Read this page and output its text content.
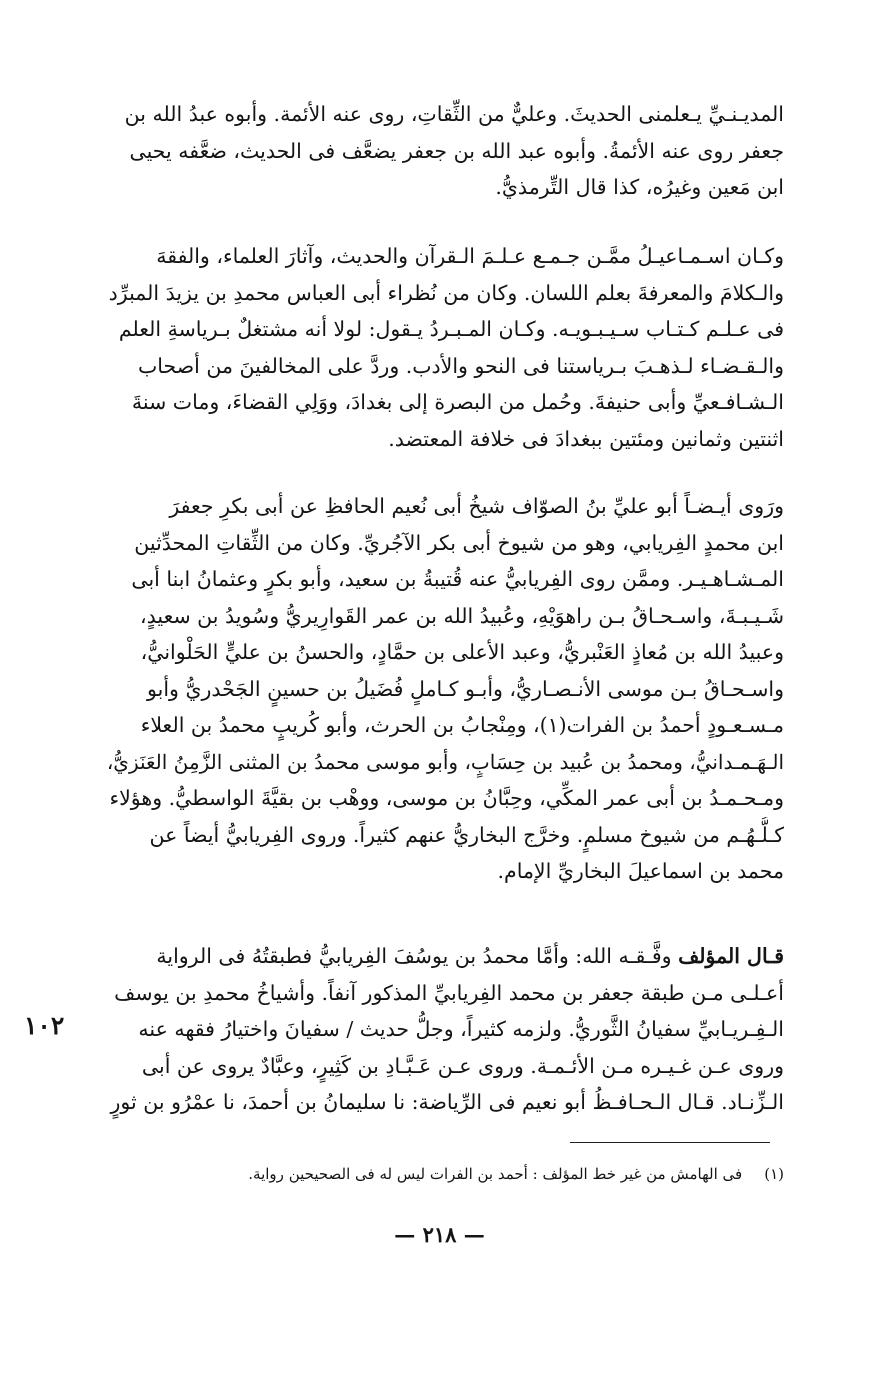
المديـنـيِّ يـعلمنى الحديثَ. وعليٌّ من الثِّقاتِ، روى عنه الأئمة. وأبوه عبدُ الله بن
جعفر روى عنه الأئمةُ. وأبوه عبد الله بن جعفر يضعَّف فى الحديث، ضعَّفه يحيى
ابن مَعين وغيرُه، كذا قال التِّرمذيُّ.
وكـان اسـمـاعيـلُ ممَّـن جـمـع عـلـمَ الـقرآن والحديث، وآثارَ العلماء، والفقهَ
والـكلامَ والمعرفةَ بعلم اللسان. وكان من نُظراء أبى العباس محمدِ بن يزيدَ المبرِّد
فى عـلـم كـتـاب سـيـبـويـه. وكـان المـبـردُ يـقول: لولا أنه مشتغلٌ بـرياسةِ العلم
والـقـضـاء لـذهـبَ بـرياستنا فى النحو والأدب. وردَّ على المخالفينَ من أصحاب
الـشـافـعيِّ وأبى حنيفةَ. وحُمل من البصرة إلى بغدادَ، ووَلِي القضاءَ، ومات سنةَ
اثنتين وثمانين ومئتين ببغدادَ فى خلافة المعتضد.
ورَوى أيـضـاً أبو عليِّ بنُ الصوّاف شيخُ أبى نُعيم الحافظِ عن أبى بكرِ جعفرَ
ابن محمدٍ الفِريابي، وهو من شيوخ أبى بكر الآجُريِّ. وكان من الثِّقاتِ المحدِّثين
المـشـاهـيـر. وممَّن روى الفِريابيُّ عنه قُتيبةُ بن سعيد، وأبو بكرٍ وعثمانُ ابنا أبى
شَـيـبـةَ، واسـحـاقُ بـن راهوَيْهِ، وعُبيدُ الله بن عمر القَوارِيريُّ وسُويدُ بن سعيدٍ،
وعبيدُ الله بن مُعاذٍ العَنْبريُّ، وعبد الأعلى بن حمَّادٍ، والحسنُ بن عليٍّ الحَلْوانيُّ،
واسـحـاقُ بـن موسى الأنـصـاريُّ، وأبـو كـاملٍ فُضَيلُ بن حسينٍ الجَحْدريُّ وأبو
مـسـعـودٍ أحمدُ بن الفرات(١)، ومِنْجابُ بن الحرث، وأبو كُريبٍ محمدُ بن العلاء
الـهَـمـدانيُّ، ومحمدُ بن عُبيد بن حِسَابٍ، وأبو موسى محمدُ بن المثنى الزَّمِنُ العَنَزيُّ،
ومـحـمـدُ بن أبى عمر المكِّي، وحِبَّانُ بن موسى، ووهْب بن بقيَّةَ الواسطيُّ. وهؤلاء
كـلُّـهُـم من شيوخ مسلمٍ. وخرَّج البخاريُّ عنهم كثيراً. وروى الفِريابيُّ أيضاً عن
محمد بن اسماعيلَ البخاريِّ الإمام.
قـال المؤلف وفَّـقـه الله: وأمَّا محمدُ بن يوسُفَ الفِريابيُّ فطبقتُهُ فى الرواية
أعـلـى مـن طبقة جعفر بن محمد الفِريابيِّ المذكور آنفاً. وأشياخُ محمدِ بن يوسف
الـفِـريـابيِّ سفيانُ الثَّوريُّ. ولزمه كثيراً، وجلُّ حديث / سفيانَ واختيارُ فقهه عنه
وروى عـن غـيـره مـن الأئـمـة. وروى عـن عَـبَّـادِ بن كَثِيرٍ، وعبَّادٌ يروى عن أبى
الـزِّنـاد. قـال الـحـافـظُ أبو نعيم فى الرِّياضة: نا سليمانُ بن أحمدَ، نا عمْرُو بن ثورٍ
١٠٢

(١)فى الهامش من غير خط المؤلف : أحمد بن الفرات ليس له فى الصحيحين رواية.

— ٢١٨ —
